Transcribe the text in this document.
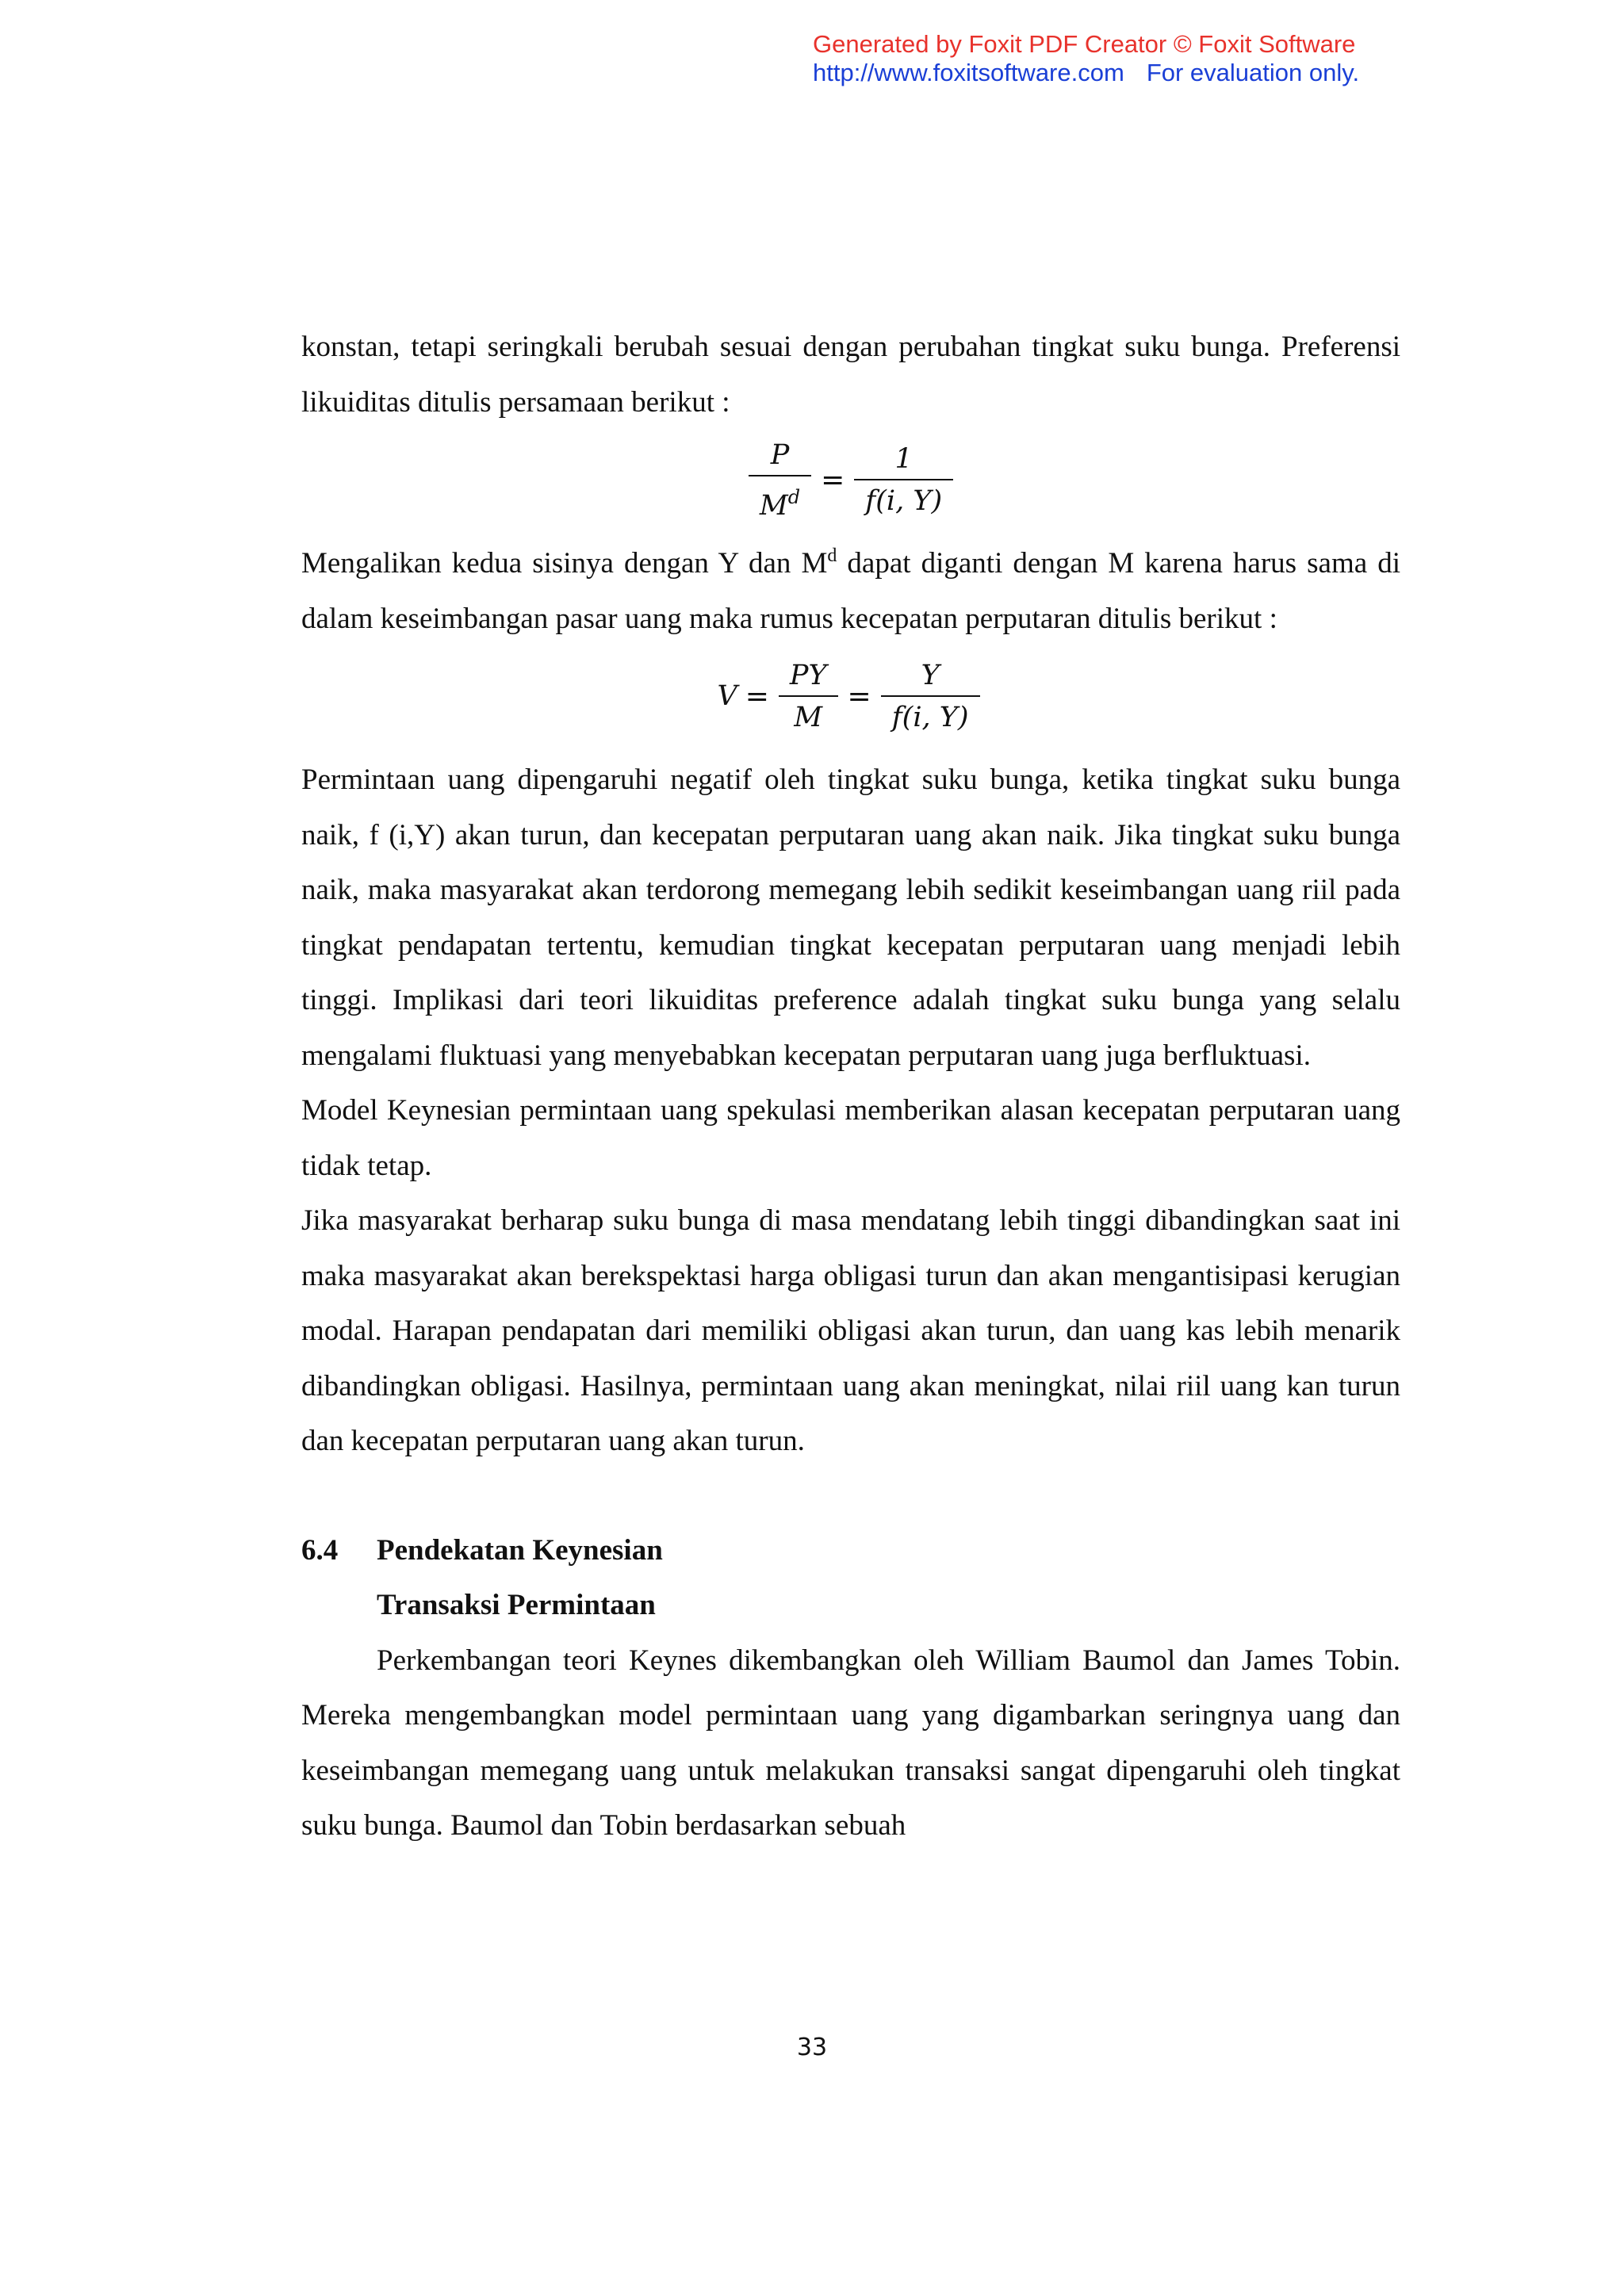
Generated by Foxit PDF Creator © Foxit Software
http://www.foxitsoftware.com For evaluation only.

konstan, tetapi seringkali berubah sesuai dengan perubahan tingkat suku bunga. Preferensi likuiditas ditulis persamaan berikut :

$\frac{P}{M^d} = \frac{1}{f(i, Y)}$

Mengalikan kedua sisinya dengan Y dan $M^d$ dapat diganti dengan M karena harus sama di dalam keseimbangan pasar uang maka rumus kecepatan perputaran ditulis berikut :

$V = \frac{PY}{M} = \frac{Y}{f(i, Y)}$

Permintaan uang dipengaruhi negatif oleh tingkat suku bunga, ketika tingkat suku bunga naik, f (i,Y) akan turun, dan kecepatan perputaran uang akan naik. Jika tingkat suku bunga naik, maka masyarakat akan terdorong memegang lebih sedikit keseimbangan uang riil pada tingkat pendapatan tertentu, kemudian tingkat kecepatan perputaran uang menjadi lebih tinggi. Implikasi dari teori likuiditas preference adalah tingkat suku bunga yang selalu mengalami fluktuasi yang menyebabkan kecepatan perputaran uang juga berfluktuasi.

Model Keynesian permintaan uang spekulasi memberikan alasan kecepatan perputaran uang tidak tetap.

Jika masyarakat berharap suku bunga di masa mendatang lebih tinggi dibandingkan saat ini maka masyarakat akan berekspektasi harga obligasi turun dan akan mengantisipasi kerugian modal. Harapan pendapatan dari memiliki obligasi akan turun, dan uang kas lebih menarik dibandingkan obligasi. Hasilnya, permintaan uang akan meningkat, nilai riil uang kan turun dan kecepatan perputaran uang akan turun.

6.4	Pendekatan Keynesian
Transaksi Permintaan

Perkembangan teori Keynes dikembangkan oleh William Baumol dan James Tobin. Mereka mengembangkan model permintaan uang yang digambarkan seringnya uang dan keseimbangan memegang uang untuk melakukan transaksi sangat dipengaruhi oleh tingkat suku bunga. Baumol dan Tobin berdasarkan sebuah

33
